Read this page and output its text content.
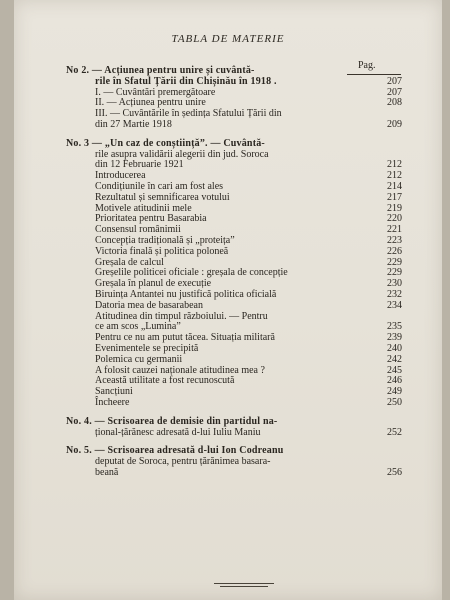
TABLA DE MATERIE
Pag.
No 2. — Acțiunea pentru unire și cuvântă-
rile în Sfatul Țării din Chișinău în 1918 .	207
I. — Cuvântări premergătoare	207
II. — Acțiunea pentru unire	208
III. — Cuvântările în ședința Sfatului Țării din
din 27 Martie 1918	209
No. 3 — „Un caz de conștiință”. — Cuvântă-
rile asupra validării alegerii din jud. Soroca
din 12 Februarie 1921	212
Introducerea	212
Condițiunile în cari am fost ales	214
Rezultatul și semnificarea votului	217
Motivele atitudinii mele	219
Prioritatea pentru Basarabia	220
Consensul românimii	221
Concepția tradițională și „proteița”	223
Victoria finală și politica poloneă	226
Greșala de calcul	229
Greșelile politicei oficiale : greșala de concepție	229
Greșala în planul de execuție	230
Biruința Antantei nu justifică politica oficială	232
Datoria mea de basarabean	234
Atitudinea din timpul războiului. — Pentru
ce am scos „Lumina”	235
Pentru ce nu am putut tăcea. Situația militară	239
Evenimentele se precipită	240
Polemica cu germanii	242
A folosit cauzei naționale atitudinea mea ?	245
Această utilitate a fost recunoscută	246
Sancțiuni	249
Încheere	250
No. 4. — Scrisoarea de demisie din partidul na-
țional-țărănesc adresată d-lui Iuliu Maniu	252
No. 5. — Scrisoarea adresată d-lui Ion Codreanu
deputat de Soroca, pentru țărănimea basara-
beană	256
